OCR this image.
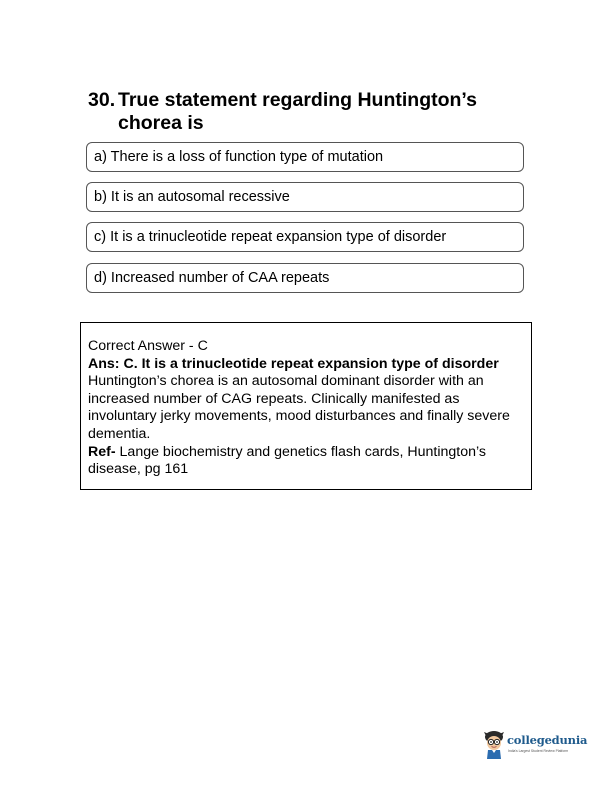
30. True statement regarding Huntington’s chorea is
a) There is a loss of function type of mutation
b) It is an autosomal recessive
c) It is a trinucleotide repeat expansion type of disorder
d) Increased number of CAA repeats

Correct Answer - C

Ans: C. It is a trinucleotide repeat expansion type of disorder

Huntington’s chorea is an autosomal dominant disorder with an increased number of CAG repeats. Clinically manifested as involuntary jerky movements, mood disturbances and finally severe dementia.

Ref- Lange biochemistry and genetics flash cards, Huntington’s disease, pg 161

collegedunia
India's Largest Student Review Platform
